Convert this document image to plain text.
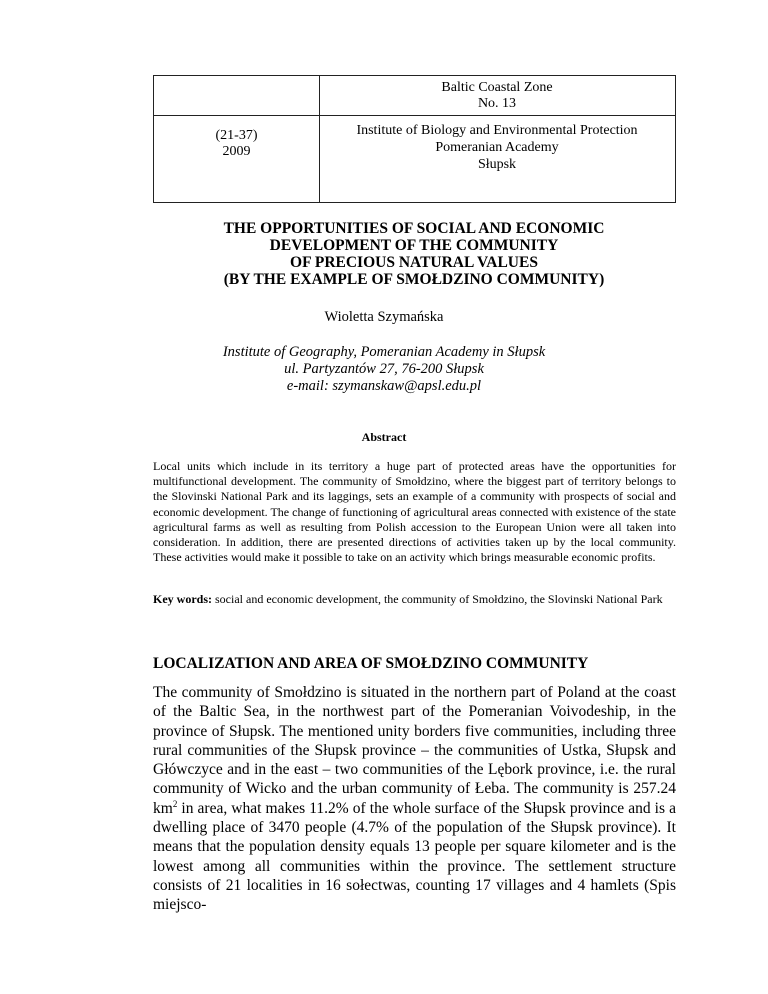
Baltic Coastal Zone
No. 13
(21-37)
2009
Institute of Biology and Environmental Protection
Pomeranian Academy
Słupsk
THE OPPORTUNITIES OF SOCIAL AND ECONOMIC
DEVELOPMENT OF THE COMMUNITY
OF PRECIOUS NATURAL VALUES
(BY THE EXAMPLE OF SMOŁDZINO COMMUNITY)
Wioletta Szymańska
Institute of Geography, Pomeranian Academy in Słupsk
ul. Partyzantów 27, 76-200 Słupsk
e-mail: szymanskaw@apsl.edu.pl
Abstract
Local units which include in its territory a huge part of protected areas have the opportunities for multifunctional development. The community of Smołdzino, where the biggest part of territory belongs to the Slovinski National Park and its laggings, sets an example of a community with prospects of social and economic development. The change of functioning of agricultural areas connected with existence of the state agricultural farms as well as resulting from Polish accession to the European Union were all taken into consideration. In addition, there are presented directions of activities taken up by the local community. These activities would make it possible to take on an activity which brings measurable economic profits.
Key words: social and economic development, the community of Smołdzino, the Slovinski National Park
LOCALIZATION AND AREA OF SMOŁDZINO COMMUNITY
The community of Smołdzino is situated in the northern part of Poland at the coast of the Baltic Sea, in the northwest part of the Pomeranian Voivodeship, in the province of Słupsk. The mentioned unity borders five communities, including three rural communities of the Słupsk province – the communities of Ustka, Słupsk and Główczyce and in the east – two communities of the Lębork province, i.e. the rural community of Wicko and the urban community of Łeba. The community is 257.24 $km^2$ in area, what makes 11.2% of the whole surface of the Słupsk province and is a dwelling place of 3470 people (4.7% of the population of the Słupsk province). It means that the population density equals 13 people per square kilometer and is the lowest among all communities within the province. The settlement structure consists of 21 localities in 16 sołectwas, counting 17 villages and 4 hamlets (Spis miejsco-
